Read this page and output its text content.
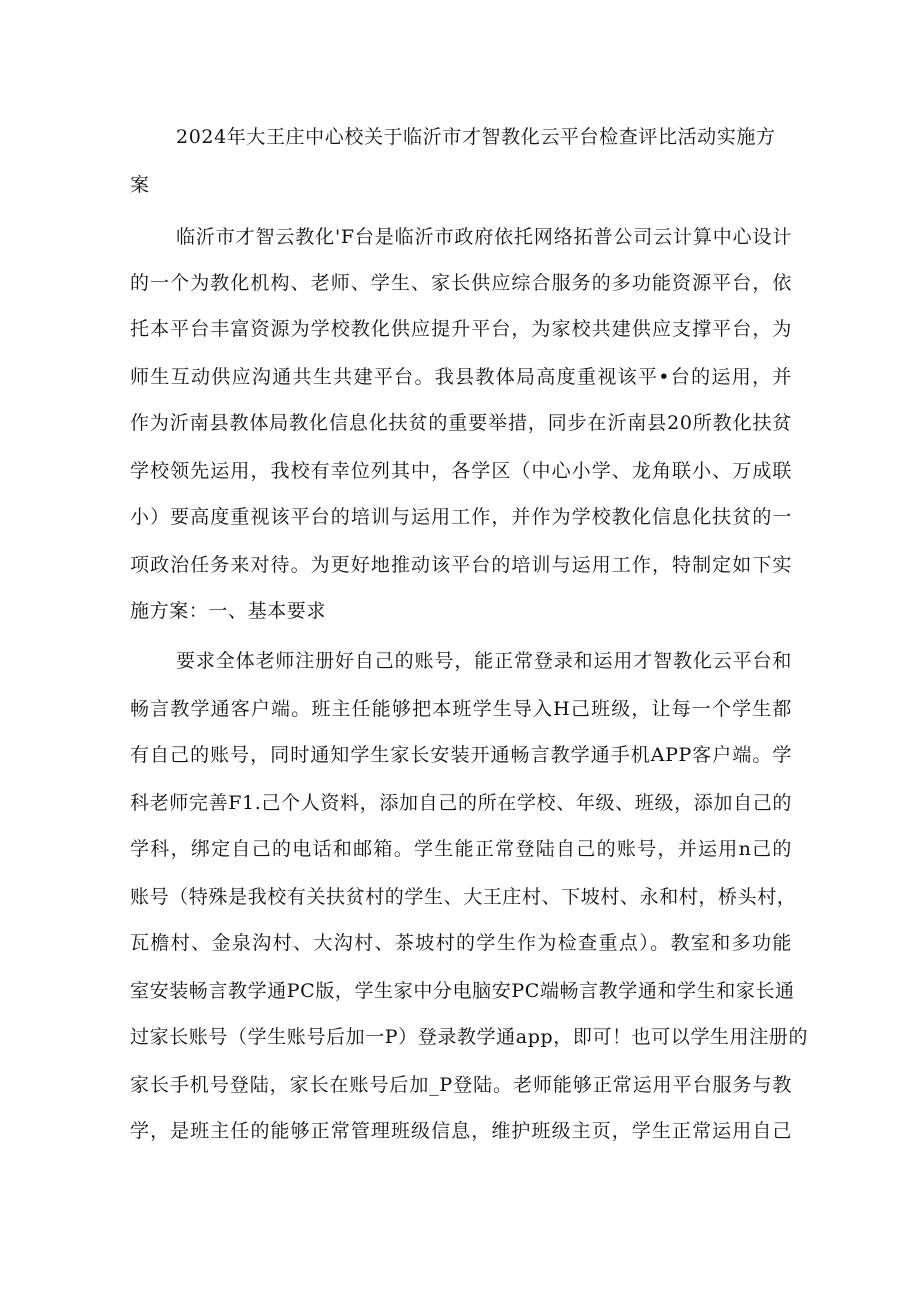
2024年大王庄中心校关于临沂市才智教化云平台检查评比活动实施方
案
临沂市才智云教化'F台是临沂市政府依托网络拓普公司云计算中心设计
的一个为教化机构、老师、学生、家长供应综合服务的多功能资源平台，依
托本平台丰富资源为学校教化供应提升平台，为家校共建供应支撑平台，为
师生互动供应沟通共生共建平台。我县教体局高度重视该平•台的运用，并
作为沂南县教体局教化信息化扶贫的重要举措，同步在沂南县20所教化扶贫
学校领先运用，我校有幸位列其中，各学区（中心小学、龙角联小、万成联
小）要高度重视该平台的培训与运用工作，并作为学校教化信息化扶贫的一
项政治任务来对待。为更好地推动该平台的培训与运用工作，特制定如下实
施方案：一、基本要求
要求全体老师注册好自己的账号，能正常登录和运用才智教化云平台和
畅言教学通客户端。班主任能够把本班学生导入H己班级，让每一个学生都
有自己的账号，同时通知学生家长安装开通畅言教学通手机APP客户端。学
科老师完善F1.己个人资料，添加自己的所在学校、年级、班级，添加自己的
学科，绑定自己的电话和邮箱。学生能正常登陆自己的账号，并运用n己的
账号（特殊是我校有关扶贫村的学生、大王庄村、下坡村、永和村，桥头村，
瓦檐村、金泉沟村、大沟村、茶坡村的学生作为检查重点）。教室和多功能
室安装畅言教学通PC版，学生家中分电脑安PC端畅言教学通和学生和家长通
过家长账号（学生账号后加一P）登录教学通app，即可！也可以学生用注册的
家长手机号登陆，家长在账号后加_P登陆。老师能够正常运用平台服务与教
学，是班主任的能够正常管理班级信息，维护班级主页，学生正常运用自己
